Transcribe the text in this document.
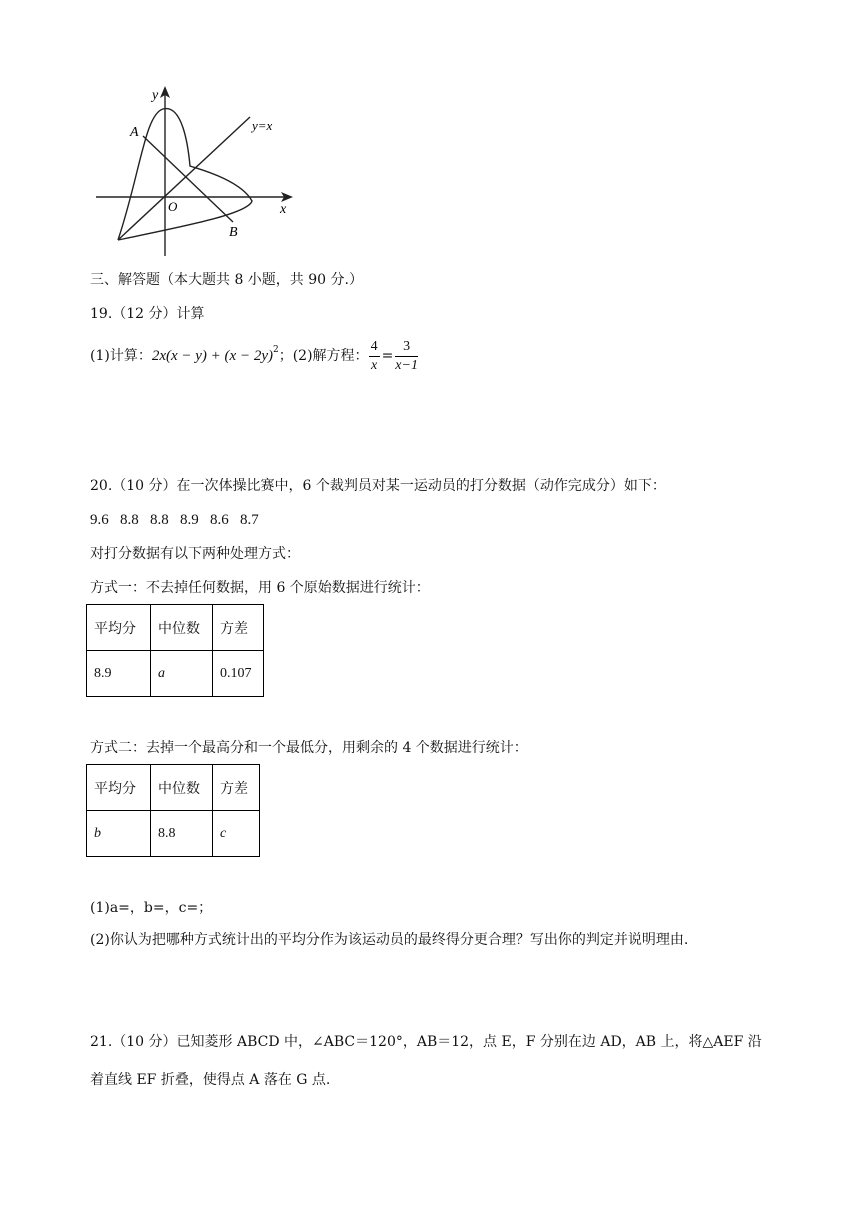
y
y=x
A
O	x
B
三、解答题（本大题共 8 小题，共 90 分.）
19.（12 分）计算
(1)计算： $2x(x - y) + (x - 2y)^2$ ； (2)解方程： $\frac{4}{x} = \frac{3}{x-1}$
20.（10 分）在一次体操比赛中，6 个裁判员对某一运动员的打分数据（动作完成分）如下：
9.6   8.8   8.8   8.9   8.6   8.7
对打分数据有以下两种处理方式：
方式一：不去掉任何数据，用 6 个原始数据进行统计：
平均分	中位数	方差
8.9	a	0.107
方式二：去掉一个最高分和一个最低分，用剩余的 4 个数据进行统计：
平均分	中位数	方差
b	8.8	c
(1)a=，b=，c=；
(2)你认为把哪种方式统计出的平均分作为该运动员的最终得分更合理？写出你的判定并说明理由.
21.（10 分）已知菱形 ABCD 中，∠ABC＝120°，AB＝12，点 E，F 分别在边 AD，AB 上，将△AEF 沿
着直线 EF 折叠，使得点 A 落在 G 点.
